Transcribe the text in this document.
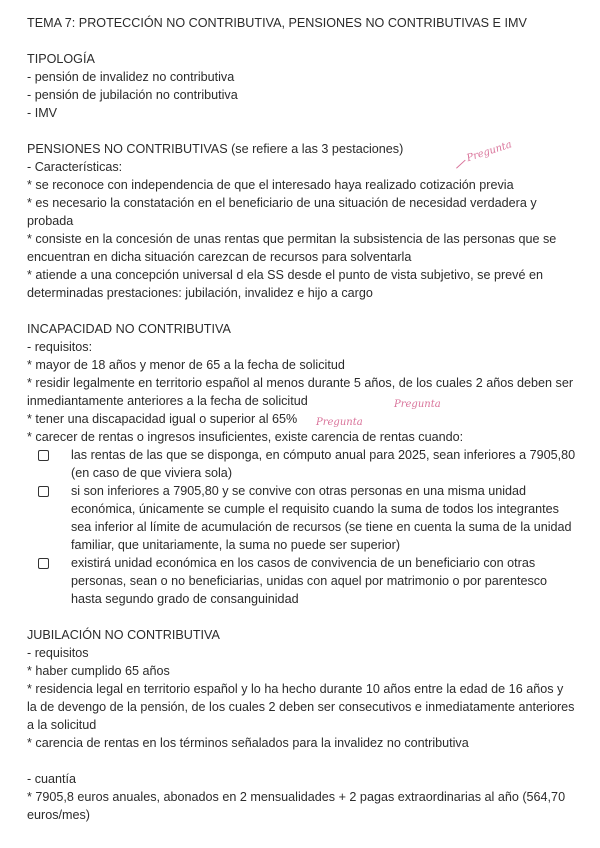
TEMA 7: PROTECCIÓN NO CONTRIBUTIVA, PENSIONES NO CONTRIBUTIVAS E IMV
TIPOLOGÍA
- pensión de invalidez no contributiva
- pensión de jubilación no contributiva
- IMV
PENSIONES NO CONTRIBUTIVAS (se refiere a las 3 pestaciones)
- Características:
* se reconoce con independencia de que el interesado haya realizado cotización previa
* es necesario la constatación en el beneficiario de una situación de necesidad verdadera y probada
* consiste en la concesión de unas rentas que permitan la subsistencia de las personas que se encuentran en dicha situación carezcan de recursos para solventarla
* atiende a una concepción universal d ela SS desde el punto de vista subjetivo, se prevé en determinadas prestaciones: jubilación, invalidez e hijo a cargo
INCAPACIDAD NO CONTRIBUTIVA
- requisitos:
* mayor de 18 años y menor de 65 a la fecha de solicitud
* residir legalmente en territorio español al menos durante 5 años, de los cuales 2 años deben ser inmediantamente anteriores a la fecha de solicitud
* tener una discapacidad igual o superior al 65%
* carecer de rentas o ingresos insuficientes, existe carencia de rentas cuando:
las rentas de las que se disponga, en cómputo anual para 2025, sean inferiores a 7905,80 (en caso de que viviera sola)
si son inferiores a 7905,80 y se convive con otras personas en una misma unidad económica, únicamente se cumple el requisito cuando la suma de todos los integrantes sea inferior al límite de acumulación de recursos (se tiene en cuenta la suma de la unidad familiar, que unitariamente, la suma no puede ser superior)
existirá unidad económica en los casos de convivencia de un beneficiario con otras personas, sean o no beneficiarias, unidas con aquel por matrimonio o por parentesco hasta segundo grado de consanguinidad
JUBILACIÓN NO CONTRIBUTIVA
- requisitos
* haber cumplido 65 años
* residencia legal en territorio español y lo ha hecho durante 10 años entre la edad de 16 años y la de devengo de la pensión, de los cuales 2 deben ser consecutivos e inmediatamente anteriores a la solicitud
* carencia de rentas en los términos señalados para la invalidez no contributiva
- cuantía
* 7905,8 euros anuales, abonados en 2 mensualidades + 2 pagas extraordinarias al año (564,70 euros/mes)
Pregunta
Pregunta
Pregunta
